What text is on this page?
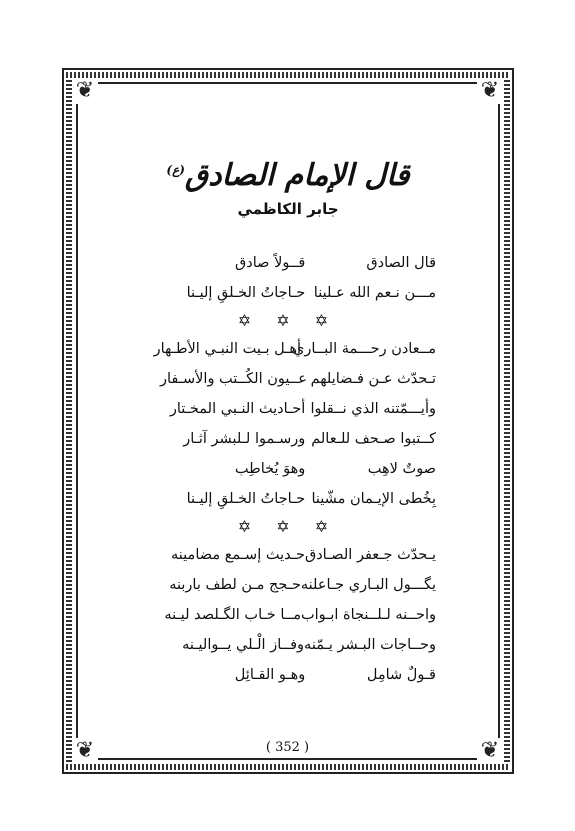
❦	❦
❦	❦
قال الإمام الصادق$^{(ع)}$
جابر الكاظمي
قال الصادق
قــولاً صادق
مـــن نـعم الله عـلينا
حـاجاتُ الخـلقِ إليـنا
✡ ✡ ✡
مــعادن رحـــمة البــاري
أهـل بـيت النبـي الأطـهار
تـحدّث عـن فـضايلهم
عــيون الكُــتب والأسـفار
وأيـــمّتنه الذي نــقلوا
أحـاديث النـبي المخـتار
كــتبوا صـحف للـعالم
ورسـموا لـلبشر آثـار
صوتٌ لاهِب
وهوَ يُخاطِب
بِخُطى الإيـمان مشّينا
حـاجاتُ الخـلقِ إليـنا
✡ ✡ ✡
يـحدّث جـعفر الصـادق
حـديث إسـمع مضامينه
يگـــول البـاري جـاعلنه
حـجج مـن لطف باربنه
واحــنه لـلــنجاة ابـواب
مــا خـاب الگـلصد ليـنه
وحــاجات البـشر يـمّنه
وفــاز الْـلي يــواليـنه
قـولٌ شامِل
وهـو القـائِل
( 352 )
